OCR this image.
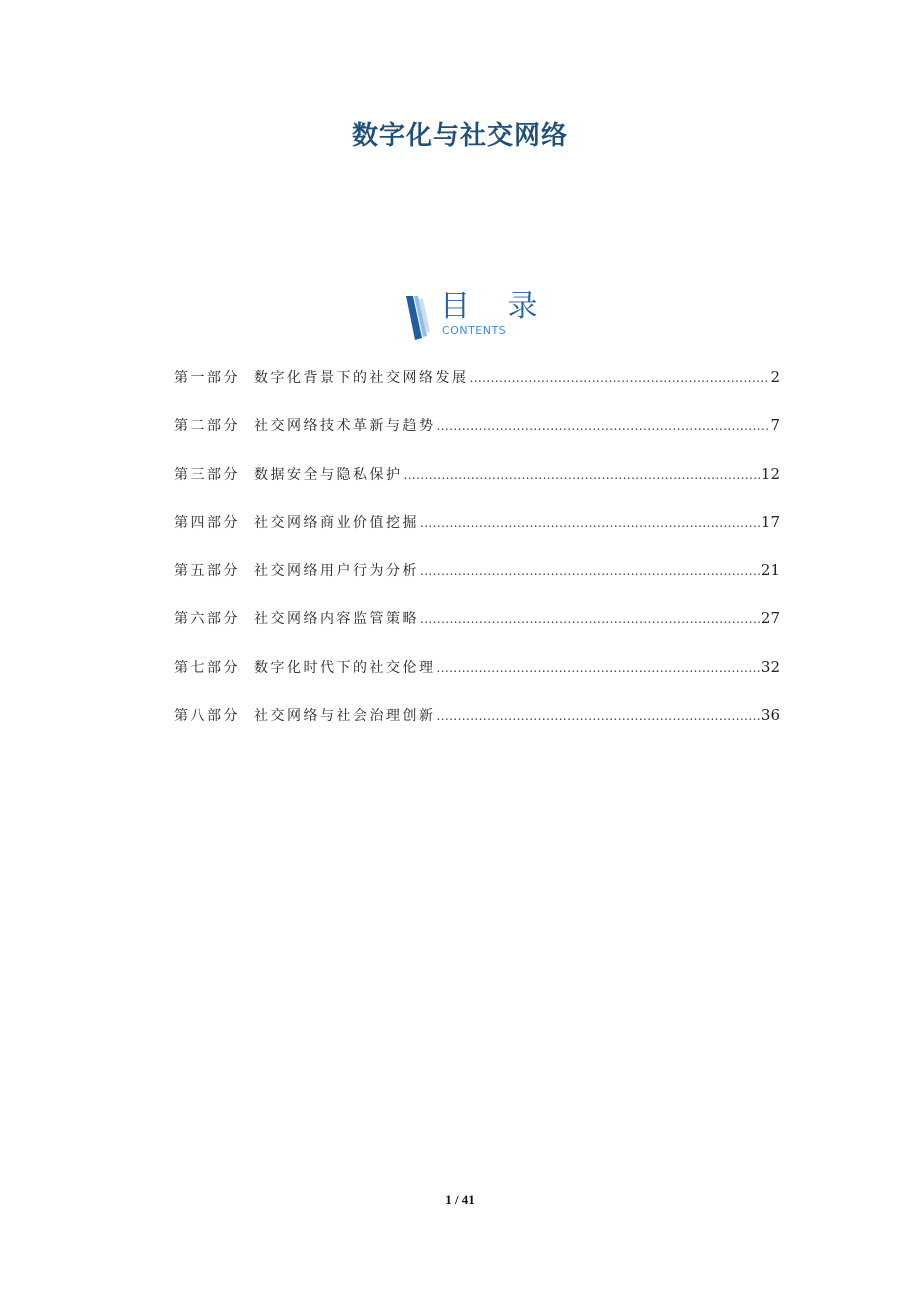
数字化与社交网络
目 录
CONTENTS
第一部分	数字化背景下的社交网络发展 .....	2
第二部分	社交网络技术革新与趋势 .....	7
第三部分	数据安全与隐私保护 .....	12
第四部分	社交网络商业价值挖掘 .....	17
第五部分	社交网络用户行为分析 .....	21
第六部分	社交网络内容监管策略 .....	27
第七部分	数字化时代下的社交伦理 .....	32
第八部分	社交网络与社会治理创新 .....	36
1 / 41
